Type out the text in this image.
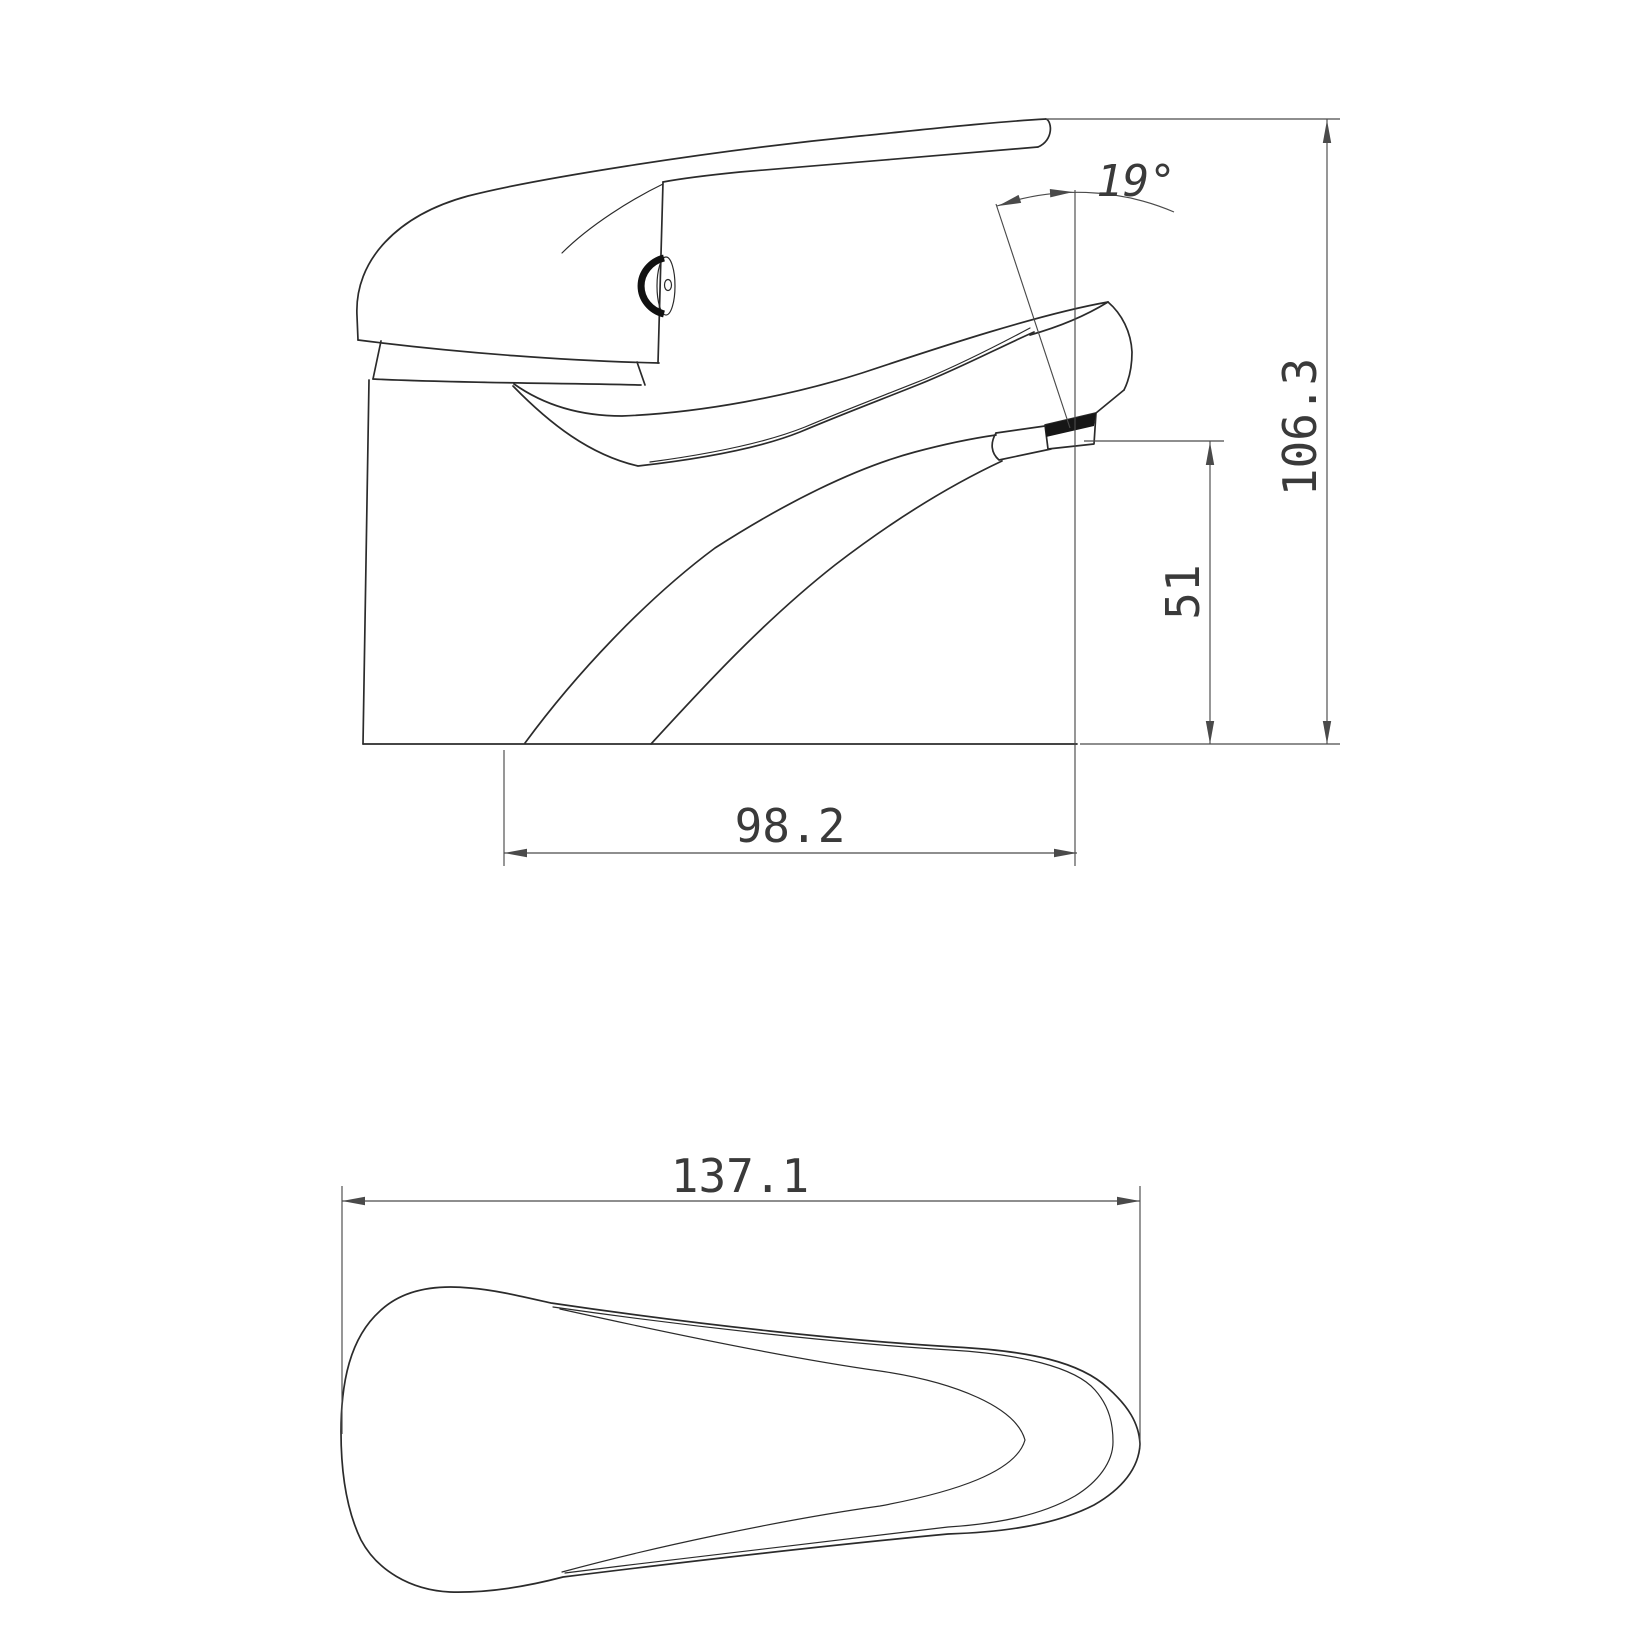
19°
106.3
51
98.2
137.1
